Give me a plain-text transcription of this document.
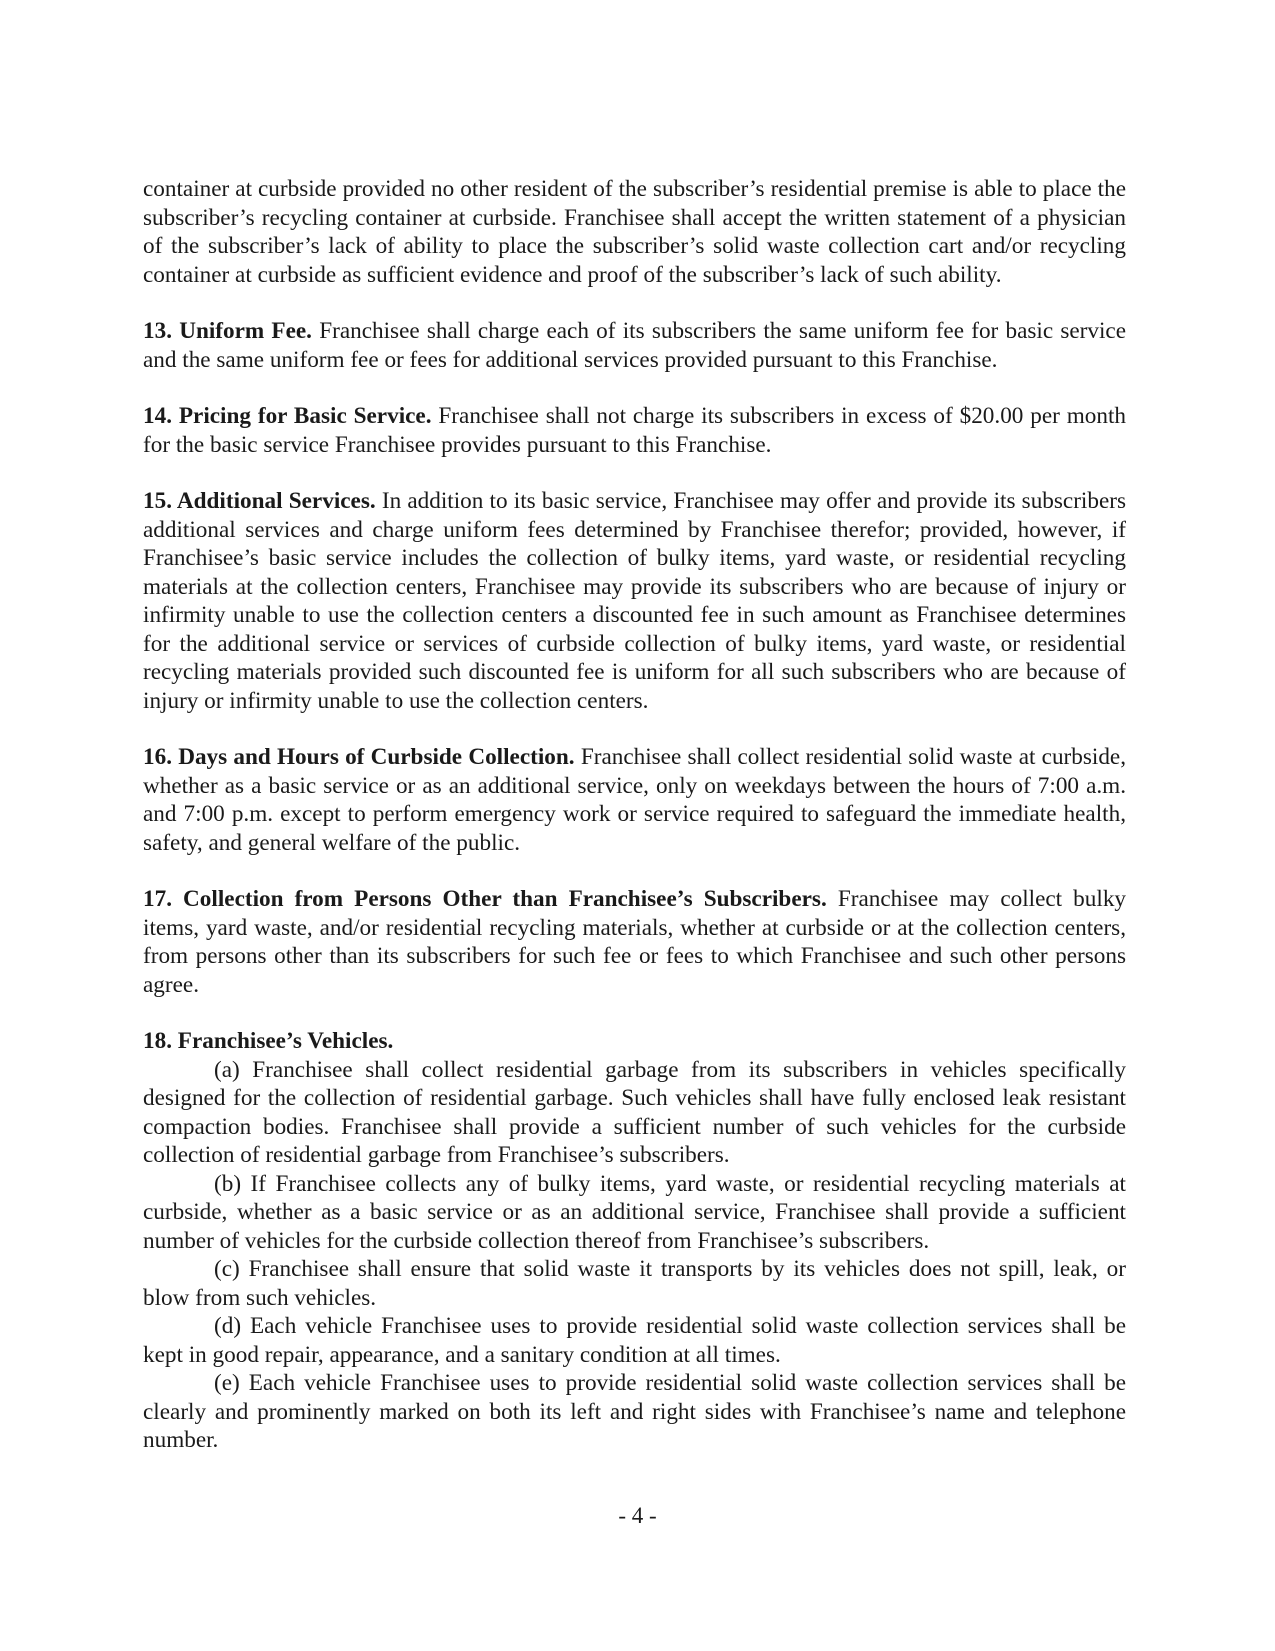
container at curbside provided no other resident of the subscriber’s residential premise is able to place the subscriber’s recycling container at curbside. Franchisee shall accept the written statement of a physician of the subscriber’s lack of ability to place the subscriber’s solid waste collection cart and/or recycling container at curbside as sufficient evidence and proof of the subscriber’s lack of such ability.

13. Uniform Fee. Franchisee shall charge each of its subscribers the same uniform fee for basic service and the same uniform fee or fees for additional services provided pursuant to this Franchise.

14. Pricing for Basic Service. Franchisee shall not charge its subscribers in excess of $20.00 per month for the basic service Franchisee provides pursuant to this Franchise.

15. Additional Services. In addition to its basic service, Franchisee may offer and provide its subscribers additional services and charge uniform fees determined by Franchisee therefor; provided, however, if Franchisee’s basic service includes the collection of bulky items, yard waste, or residential recycling materials at the collection centers, Franchisee may provide its subscribers who are because of injury or infirmity unable to use the collection centers a discounted fee in such amount as Franchisee determines for the additional service or services of curbside collection of bulky items, yard waste, or residential recycling materials provided such discounted fee is uniform for all such subscribers who are because of injury or infirmity unable to use the collection centers.

16. Days and Hours of Curbside Collection. Franchisee shall collect residential solid waste at curbside, whether as a basic service or as an additional service, only on weekdays between the hours of 7:00 a.m. and 7:00 p.m. except to perform emergency work or service required to safeguard the immediate health, safety, and general welfare of the public.

17. Collection from Persons Other than Franchisee’s Subscribers. Franchisee may collect bulky items, yard waste, and/or residential recycling materials, whether at curbside or at the collection centers, from persons other than its subscribers for such fee or fees to which Franchisee and such other persons agree.

18. Franchisee’s Vehicles.

(a) Franchisee shall collect residential garbage from its subscribers in vehicles specifically designed for the collection of residential garbage. Such vehicles shall have fully enclosed leak resistant compaction bodies. Franchisee shall provide a sufficient number of such vehicles for the curbside collection of residential garbage from Franchisee’s subscribers.

(b) If Franchisee collects any of bulky items, yard waste, or residential recycling materials at curbside, whether as a basic service or as an additional service, Franchisee shall provide a sufficient number of vehicles for the curbside collection thereof from Franchisee’s subscribers.

(c) Franchisee shall ensure that solid waste it transports by its vehicles does not spill, leak, or blow from such vehicles.

(d) Each vehicle Franchisee uses to provide residential solid waste collection services shall be kept in good repair, appearance, and a sanitary condition at all times.

(e) Each vehicle Franchisee uses to provide residential solid waste collection services shall be clearly and prominently marked on both its left and right sides with Franchisee’s name and telephone number.

- 4 -
